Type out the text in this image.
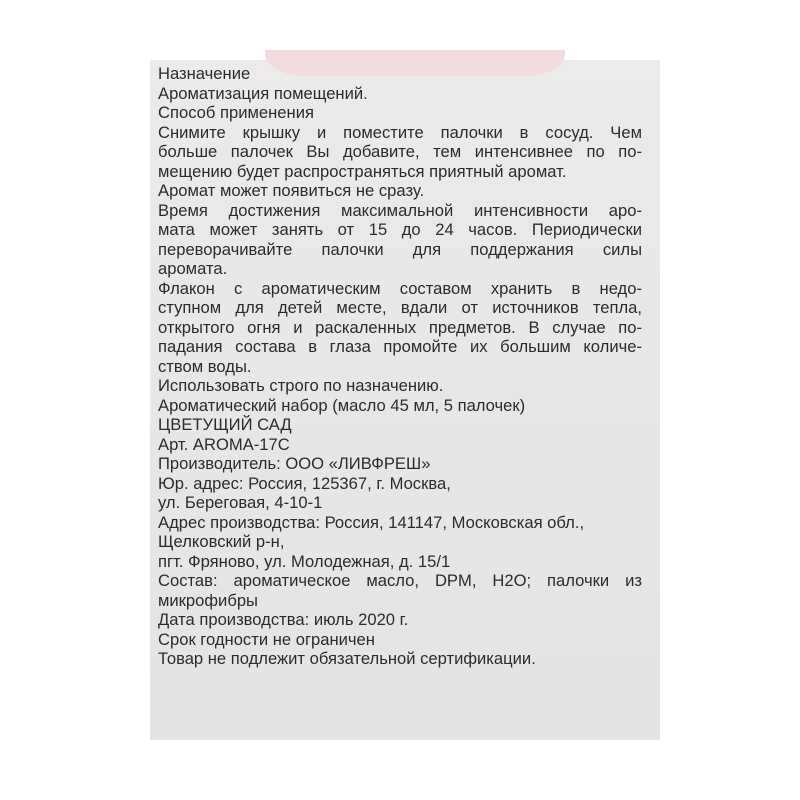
Назначение
Ароматизация помещений.
Способ применения
Снимите крышку и поместите палочки в сосуд. Чем
больше палочек Вы добавите, тем интенсивнее по по-
мещению будет распространяться приятный аромат.
Аромат может появиться не сразу.
Время достижения максимальной интенсивности аро-
мата может занять от 15 до 24 часов. Периодически
переворачивайте палочки для поддержания силы
аромата.
Флакон с ароматическим составом хранить в недо-
ступном для детей месте, вдали от источников тепла,
открытого огня и раскаленных предметов. В случае по-
падания состава в глаза промойте их большим количе-
ством воды.
Использовать строго по назначению.
Ароматический набор (масло 45 мл, 5 палочек)
ЦВЕТУЩИЙ САД
Арт. AROMA-17C
Производитель: ООО «ЛИВФРЕШ»
Юр. адрес: Россия, 125367, г. Москва,
ул. Береговая, 4-10-1
Адрес производства: Россия, 141147, Московская обл.,
Щелковский р-н,
пгт. Фряново, ул. Молодежная, д. 15/1
Состав: ароматическое масло, DPM, H2O; палочки из
микрофибры
Дата производства: июль 2020 г.
Срок годности не ограничен
Товар не подлежит обязательной сертификации.
